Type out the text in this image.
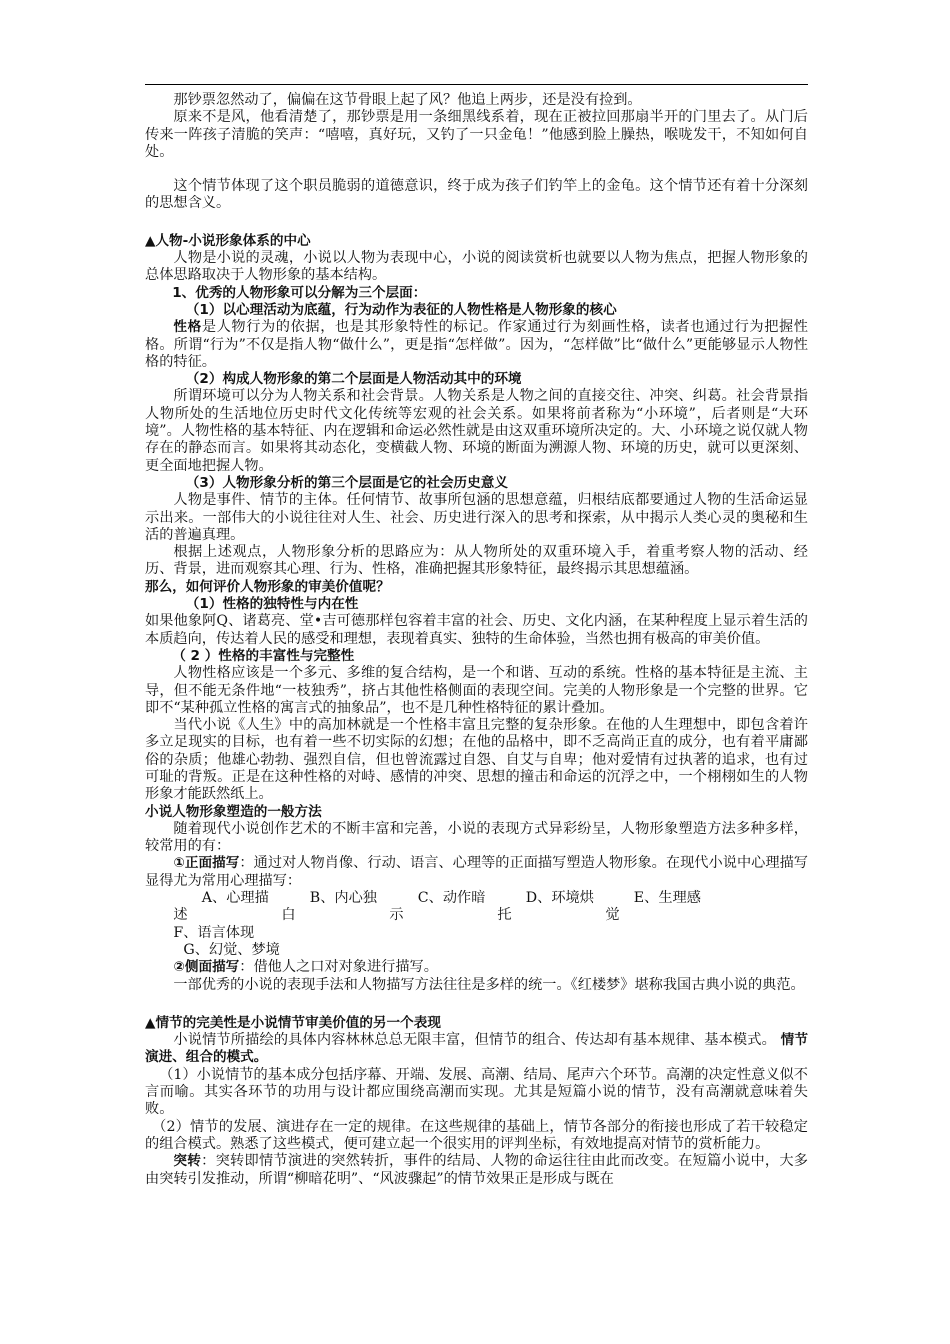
那钞票忽然动了，偏偏在这节骨眼上起了风？他追上两步，还是没有捡到。

原来不是风，他看清楚了，那钞票是用一条细黑线系着，现在正被拉回那扇半开的门里去了。从门后传来一阵孩子清脆的笑声：“嘻嘻，真好玩，又钓了一只金龟！”他感到脸上臊热，喉咙发干，不知如何自处。

这个情节体现了这个职员脆弱的道德意识，终于成为孩子们钓竿上的金龟。这个情节还有着十分深刻的思想含义。

▲人物-小说形象体系的中心

人物是小说的灵魂，小说以人物为表现中心，小说的阅读赏析也就要以人物为焦点，把握人物形象的总体思路取决于人物形象的基本结构。

1、优秀的人物形象可以分解为三个层面：

（1）以心理活动为底蕴，行为动作为表征的人物性格是人物形象的核心

性格是人物行为的依据，也是其形象特性的标记。作家通过行为刻画性格，读者也通过行为把握性格。所谓“行为”不仅是指人物“做什么”，更是指“怎样做”。因为，“怎样做”比“做什么”更能够显示人物性格的特征。

（2）构成人物形象的第二个层面是人物活动其中的环境

所谓环境可以分为人物关系和社会背景。人物关系是人物之间的直接交往、冲突、纠葛。社会背景指人物所处的生活地位历史时代文化传统等宏观的社会关系。如果将前者称为“小环境”，后者则是“大环境”。人物性格的基本特征、内在逻辑和命运必然性就是由这双重环境所决定的。大、小环境之说仅就人物存在的静态而言。如果将其动态化，变横截人物、环境的断面为溯源人物、环境的历史，就可以更深刻、更全面地把握人物。

（3）人物形象分析的第三个层面是它的社会历史意义

人物是事件、情节的主体。任何情节、故事所包涵的思想意蕴，归根结底都要通过人物的生活命运显示出来。一部伟大的小说往往对人生、社会、历史进行深入的思考和探索，从中揭示人类心灵的奥秘和生活的普遍真理。

根据上述观点，人物形象分析的思路应为：从人物所处的双重环境入手，着重考察人物的活动、经历、背景，进而观察其心理、行为、性格，准确把握其形象特征，最终揭示其思想蕴涵。

那么，如何评价人物形象的审美价值呢？

（1）性格的独特性与内在性

如果他象阿Q、诸葛亮、堂•吉可德那样包容着丰富的社会、历史、文化内涵，在某种程度上显示着生活的本质趋向，传达着人民的感受和理想，表现着真实、独特的生命体验，当然也拥有极高的审美价值。

（ 2 ）性格的丰富性与完整性

人物性格应该是一个多元、多维的复合结构，是一个和谐、互动的系统。性格的基本特征是主流、主导，但不能无条件地“一枝独秀”，挤占其他性格侧面的表现空间。完美的人物形象是一个完整的世界。它即不“某种孤立性格的寓言式的抽象品”，也不是几种性格特征的累计叠加。

当代小说《人生》中的高加林就是一个性格丰富且完整的复杂形象。在他的人生理想中，即包含着许多立足现实的目标，也有着一些不切实际的幻想；在他的品格中，即不乏高尚正直的成分，也有着平庸鄙俗的杂质；他雄心勃勃、强烈自信，但也曾流露过自怨、自艾与自卑；他对爱情有过执著的追求，也有过可耻的背叛。正是在这种性格的对峙、感情的冲突、思想的撞击和命运的沉浮之中，一个栩栩如生的人物形象才能跃然纸上。

小说人物形象塑造的一般方法

随着现代小说创作艺术的不断丰富和完善，小说的表现方式异彩纷呈，人物形象塑造方法多种多样，较常用的有：

①正面描写：通过对人物肖像、行动、语言、心理等的正面描写塑造人物形象。在现代小说中心理描写显得尤为常用心理描写：

A、心理描述B、内心独白C、动作暗示D、环境烘托E、生理感觉F、语言体现
G、幻觉、梦境

②侧面描写：借他人之口对对象进行描写。

一部优秀的小说的表现手法和人物描写方法往往是多样的统一。《红楼梦》堪称我国古典小说的典范。

▲情节的完美性是小说情节审美价值的另一个表现

小说情节所描绘的具体内容林林总总无限丰富，但情节的组合、传达却有基本规律、基本模式。 情节演进、组合的模式。

（1）小说情节的基本成分包括序幕、开端、发展、高潮、结局、尾声六个环节。高潮的决定性意义似不言而喻。其实各环节的功用与设计都应围绕高潮而实现。尤其是短篇小说的情节，没有高潮就意味着失败。

（2）情节的发展、演进存在一定的规律。在这些规律的基础上，情节各部分的衔接也形成了若干较稳定的组合模式。熟悉了这些模式，便可建立起一个很实用的评判坐标，有效地提高对情节的赏析能力。

突转：突转即情节演进的突然转折，事件的结局、人物的命运往往由此而改变。在短篇小说中，大多由突转引发推动，所谓“柳暗花明”、“风波骤起”的情节效果正是形成与既在
